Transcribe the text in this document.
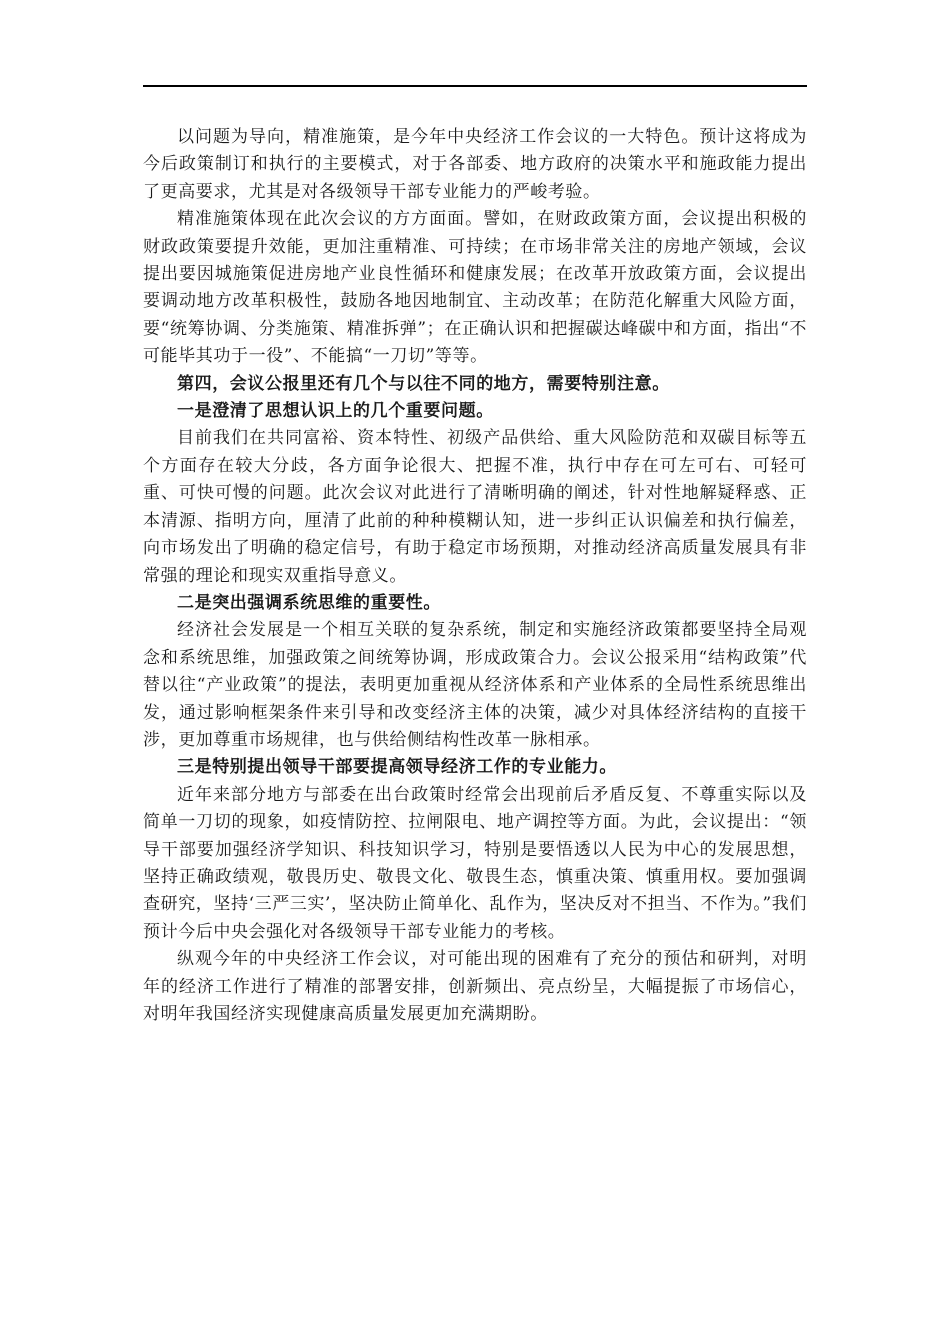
以问题为导向，精准施策，是今年中央经济工作会议的一大特色。预计这将成为今后政策制订和执行的主要模式，对于各部委、地方政府的决策水平和施政能力提出了更高要求，尤其是对各级领导干部专业能力的严峻考验。

精准施策体现在此次会议的方方面面。譬如，在财政政策方面，会议提出积极的财政政策要提升效能，更加注重精准、可持续；在市场非常关注的房地产领域，会议提出要因城施策促进房地产业良性循环和健康发展；在改革开放政策方面，会议提出要调动地方改革积极性，鼓励各地因地制宜、主动改革；在防范化解重大风险方面，要“统筹协调、分类施策、精准拆弹”；在正确认识和把握碳达峰碳中和方面，指出“不可能毕其功于一役”、不能搞“一刀切”等等。

第四，会议公报里还有几个与以往不同的地方，需要特别注意。

一是澄清了思想认识上的几个重要问题。

目前我们在共同富裕、资本特性、初级产品供给、重大风险防范和双碳目标等五个方面存在较大分歧，各方面争论很大、把握不准，执行中存在可左可右、可轻可重、可快可慢的问题。此次会议对此进行了清晰明确的阐述，针对性地解疑释惑、正本清源、指明方向，厘清了此前的种种模糊认知，进一步纠正认识偏差和执行偏差，向市场发出了明确的稳定信号，有助于稳定市场预期，对推动经济高质量发展具有非常强的理论和现实双重指导意义。

二是突出强调系统思维的重要性。

经济社会发展是一个相互关联的复杂系统，制定和实施经济政策都要坚持全局观念和系统思维，加强政策之间统筹协调，形成政策合力。会议公报采用“结构政策”代替以往“产业政策”的提法，表明更加重视从经济体系和产业体系的全局性系统思维出发，通过影响框架条件来引导和改变经济主体的决策，减少对具体经济结构的直接干涉，更加尊重市场规律，也与供给侧结构性改革一脉相承。

三是特别提出领导干部要提高领导经济工作的专业能力。

近年来部分地方与部委在出台政策时经常会出现前后矛盾反复、不尊重实际以及简单一刀切的现象，如疫情防控、拉闸限电、地产调控等方面。为此，会议提出：“领导干部要加强经济学知识、科技知识学习，特别是要悟透以人民为中心的发展思想，坚持正确政绩观，敬畏历史、敬畏文化、敬畏生态，慎重决策、慎重用权。要加强调查研究，坚持‘三严三实’，坚决防止简单化、乱作为，坚决反对不担当、不作为。”我们预计今后中央会强化对各级领导干部专业能力的考核。

纵观今年的中央经济工作会议，对可能出现的困难有了充分的预估和研判，对明年的经济工作进行了精准的部署安排，创新频出、亮点纷呈，大幅提振了市场信心，对明年我国经济实现健康高质量发展更加充满期盼。
